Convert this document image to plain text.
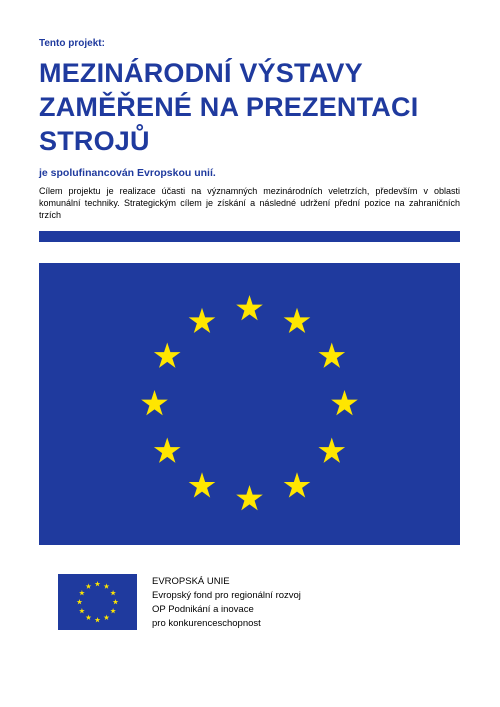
Tento projekt:
MEZINÁRODNÍ VÝSTAVY
ZAMĚŘENÉ NA PREZENTACI
STROJŮ
je spolufinancován Evropskou unií.

Cílem projektu je realizace účasti na významných mezinárodních veletrzích, především v oblasti komunální techniky. Strategickým cílem je získání a následné udržení přední pozice na zahraničních trzích

EVROPSKÁ UNIE
Evropský fond pro regionální rozvoj
OP Podnikání a inovace
pro konkurenceschopnost
